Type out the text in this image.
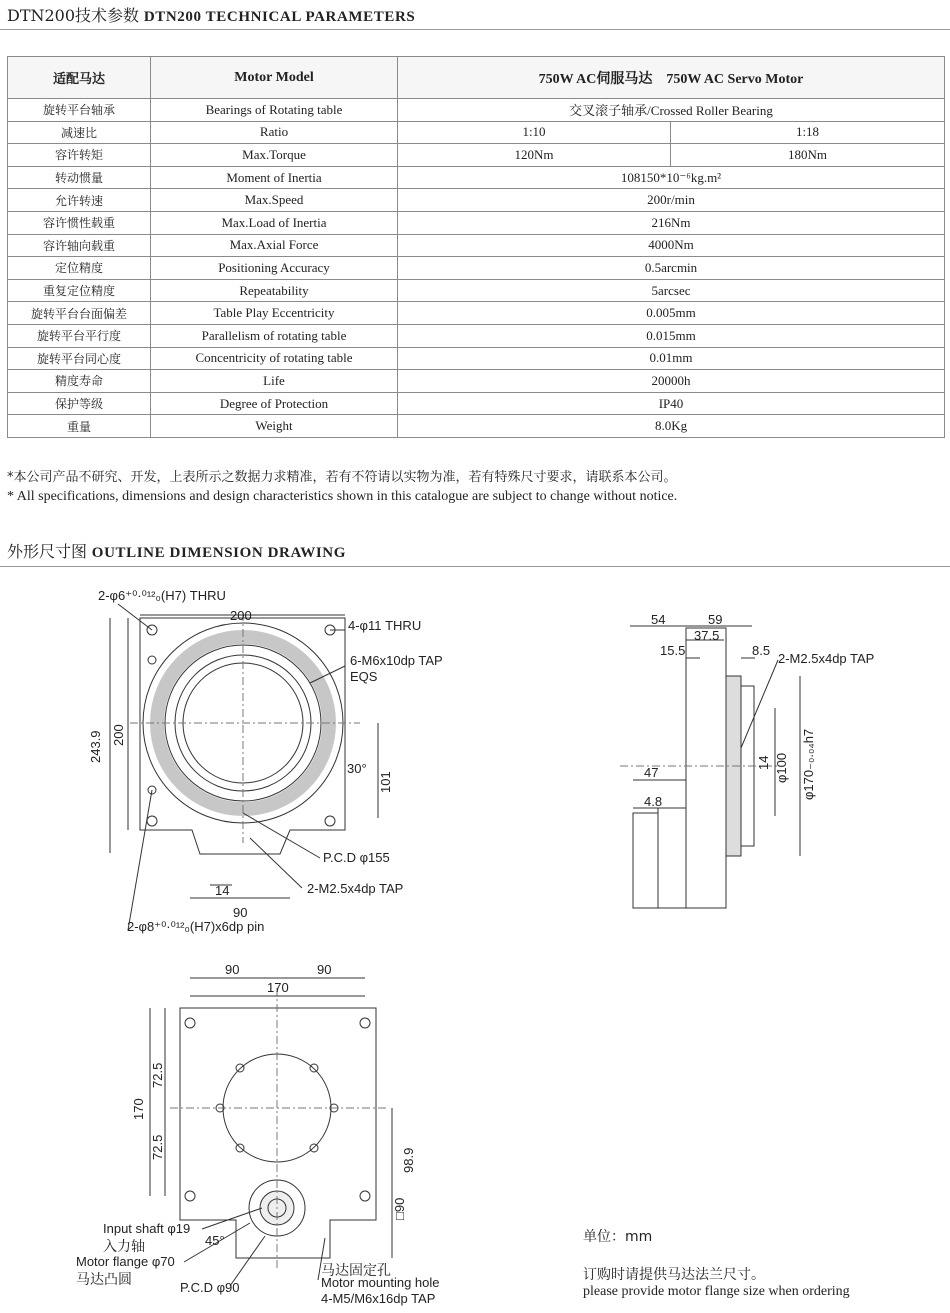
DTN200技术参数 DTN200 TECHNICAL PARAMETERS
适配马达	Motor Model	750W AC伺服马达    750W AC Servo Motor	
旋转平台轴承	Bearings of Rotating table	交叉滚子轴承/Crossed Roller Bearing	
减速比	Ratio	1:10	1:18
容许转矩	Max.Torque	120Nm	180Nm
转动惯量	Moment of Inertia	108150*10⁻⁶kg.m²	
允许转速	Max.Speed	200r/min	
容许惯性载重	Max.Load of Inertia	216Nm	
容许轴向载重	Max.Axial Force	4000Nm	
定位精度	Positioning Accuracy	0.5arcmin	
重复定位精度	Repeatability	5arcsec	
旋转平台台面偏差	Table Play Eccentricity	0.005mm	
旋转平台平行度	Parallelism of rotating table	0.015mm	
旋转平台同心度	Concentricity of rotating table	0.01mm	
精度寿命	Life	20000h	
保护等级	Degree of Protection	IP40	
重量	Weight	8.0Kg	
*本公司产品不研究、开发，上表所示之数据力求精准，若有不符请以实物为准，若有特殊尺寸要求，请联系本公司。
* All specifications, dimensions and design characteristics shown in this catalogue are subject to change without notice.
外形尺寸图 OUTLINE DIMENSION DRAWING
2-φ6⁺⁰·⁰¹²₀(H7) THRU
200
4-φ11 THRU
6-M6x10dp TAP
EQS
243.9 200
30°
101
P.C.D φ155
14	2-M2.5x4dp TAP
90
2-φ8⁺⁰·⁰¹²₀(H7)x6dp pin
54	59
37.5
15.5	8.5
2-M2.5x4dp TAP
φ100 φ170₋₀.₀₄h7
14
47
4.8
90	90
170
72.5
72.5
170
98.9
□90
45°
Input shaft φ19
入力轴
Motor flange φ70
马达凸圆	P.C.D φ90
马达固定孔
Motor mounting hole
4-M5/M6x16dp TAP
单位：mm
订购时请提供马达法兰尺寸。
please provide motor flange size when ordering
